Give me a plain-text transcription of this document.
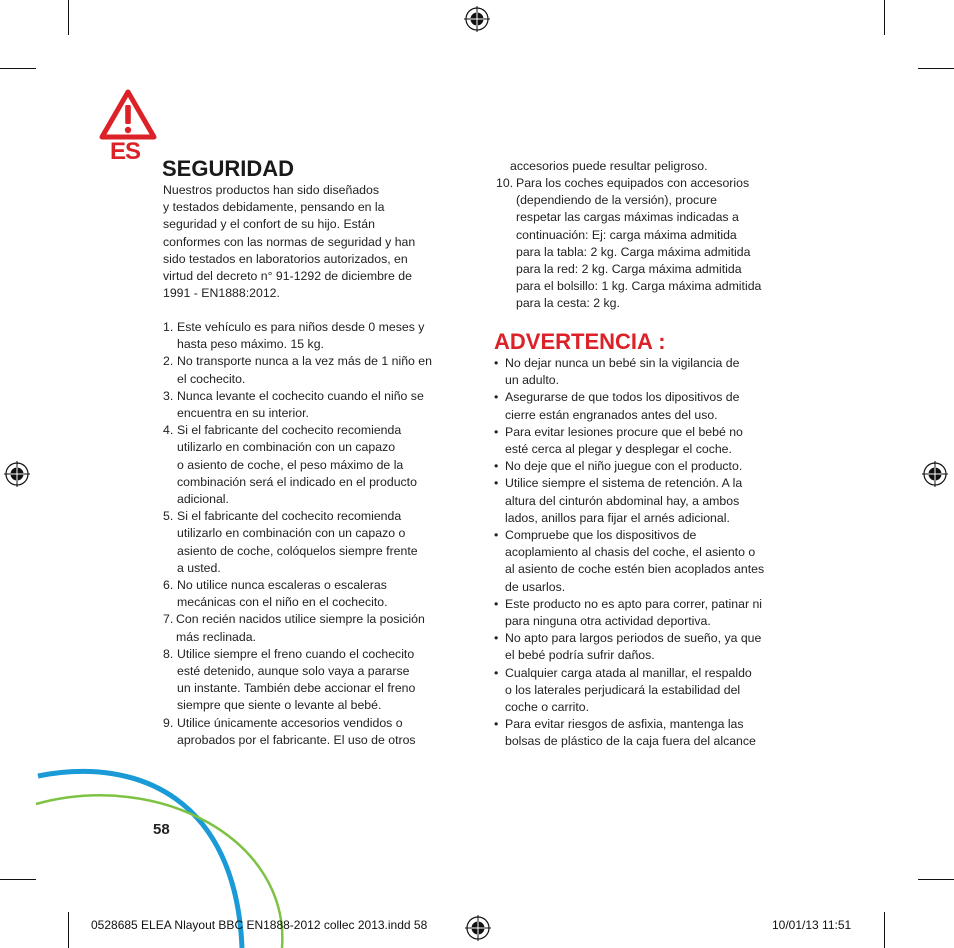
ES
SEGURIDAD
Nuestros productos han sido diseñados
y testados debidamente, pensando en la
seguridad y el confort de su hijo. Están
conformes con las normas de seguridad y han
sido testados en laboratorios autorizados, en
virtud del decreto n° 91-1292 de diciembre de
1991 - EN1888:2012.
1. Este vehículo es para niños desde 0 meses y
hasta peso máximo. 15 kg.
2. No transporte nunca a la vez más de 1 niño en
el cochecito.
3. Nunca levante el cochecito cuando el niño se
encuentra en su interior.
4. Si el fabricante del cochecito recomienda
utilizarlo en combinación con un capazo
o asiento de coche, el peso máximo de la
combinación será el indicado en el producto
adicional.
5. Si el fabricante del cochecito recomienda
utilizarlo en combinación con un capazo o
asiento de coche, colóquelos siempre frente
a usted.
6. No utilice nunca escaleras o escaleras
mecánicas con el niño en el cochecito.
7. Con recién nacidos utilice siempre la posición
más reclinada.
8. Utilice siempre el freno cuando el cochecito
esté detenido, aunque solo vaya a pararse
un instante. También debe accionar el freno
siempre que siente o levante al bebé.
9. Utilice únicamente accesorios vendidos o
aprobados por el fabricante. El uso de otros
accesorios puede resultar peligroso.
10. Para los coches equipados con accesorios
(dependiendo de la versión), procure
respetar las cargas máximas indicadas a
continuación: Ej: carga máxima admitida
para la tabla: 2 kg. Carga máxima admitida
para la red: 2 kg. Carga máxima admitida
para el bolsillo: 1 kg. Carga máxima admitida
para la cesta: 2 kg.
ADVERTENCIA :
• No dejar nunca un bebé sin la vigilancia de
un adulto.
• Asegurarse de que todos los dipositivos de
cierre están engranados antes del uso.
• Para evitar lesiones procure que el bebé no
esté cerca al plegar y desplegar el coche.
• No deje que el niño juegue con el producto.
• Utilice siempre el sistema de retención. A la
altura del cinturón abdominal hay, a ambos
lados, anillos para fijar el arnés adicional.
• Compruebe que los dispositivos de
acoplamiento al chasis del coche, el asiento o
al asiento de coche estén bien acoplados antes
de usarlos.
• Este producto no es apto para correr, patinar ni
para ninguna otra actividad deportiva.
• No apto para largos periodos de sueño, ya que
el bebé podría sufrir daños.
• Cualquier carga atada al manillar, el respaldo
o los laterales perjudicará la estabilidad del
coche o carrito.
• Para evitar riesgos de asfixia, mantenga las
bolsas de plástico de la caja fuera del alcance
58
0528685 ELEA Nlayout BBC EN1888-2012 collec 2013.indd 58	10/01/13 11:51
